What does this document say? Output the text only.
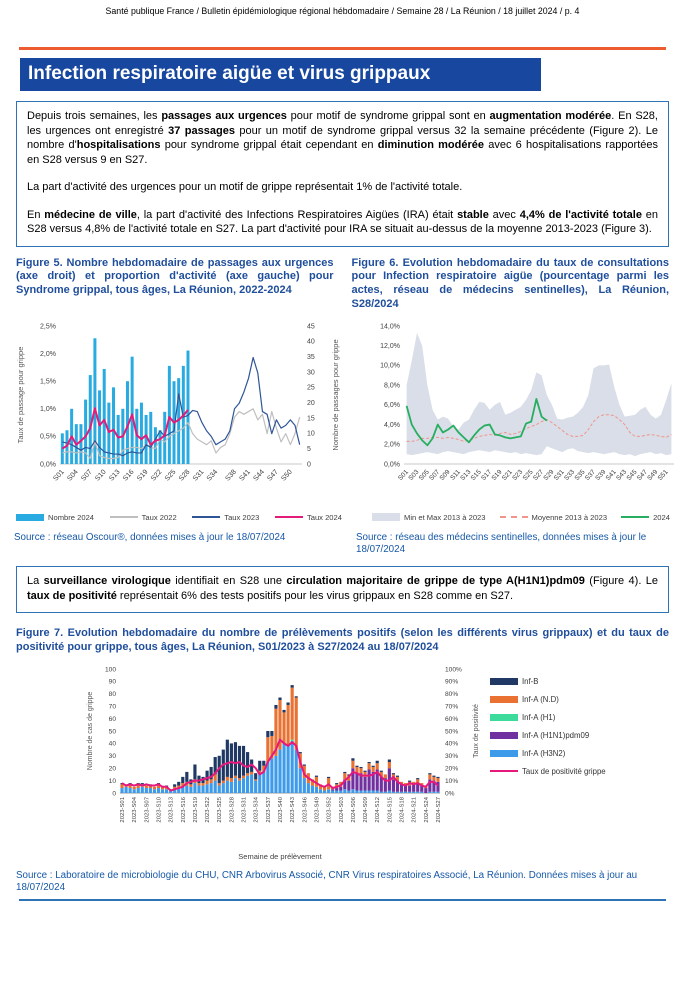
Santé publique France / Bulletin épidémiologique régional hébdomadaire / Semaine 28 / La Réunion / 18 juillet 2024 / p. 4
Infection respiratoire aigüe et virus grippaux

Depuis trois semaines, les passages aux urgences pour motif de syndrome grippal sont en augmentation modérée. En S28, les urgences ont enregistré 37 passages pour un motif de syndrome grippal versus 32 la semaine précédente (Figure 2). Le nombre d'hospitalisations pour syndrome grippal était cependant en diminution modérée avec 6 hospitalisations rapportées en S28 versus 9 en S27.

La part d'activité des urgences pour un motif de grippe représentait 1% de l'activité totale.

En médecine de ville, la part d'activité des Infections Respiratoires Aigües (IRA) était stable avec 4,4% de l'activité totale en S28 versus 4,8% de l'activité totale en S27. La part d'activité pour IRA se situait au-dessus de la moyenne 2013-2023 (Figure 3).

Figure 5. Nombre hebdomadaire de passages aux urgences (axe droit) et proportion d'activité (axe gauche) pour Syndrome grippal, tous âges, La Réunion, 2022-2024
Figure 6. Evolution hebdomadaire du taux de consultations pour Infection respiratoire aigüe (pourcentage parmi les actes, réseau de médecins sentinelles), La Réunion, S28/2024
0,0%
0,5%
1,0%
1,5%
2,0%
2,5%
0
5
10
15
20
25
30
35
40
45
S01 S04 S07 S10 S13 S16 S19 S22 S25 S28 S31 S34 S38 S41 S44 S47 S50
Taux de passage pour grippe	Nombre de passages pour grippe
Nombre 2024	Taux 2022	Taux 2023	Taux 2024
Source : réseau Oscour®, données mises à jour le 18/07/2024
0,0%
2,0%
4,0%
6,0%
8,0%
10,0%
12,0%
14,0%
S01
S03
S05
S07
S09
S11
S13
S15
S17
S19
S21
S23
S25
S27
S29
S31
S33
S35
S37
S39
S41
S43
S45
S47
S49
S51
Min et Max 2013 à 2023	Moyenne 2013 à 2023	2024
Source : réseau des médecins sentinelles, données mises à jour le 18/07/2024

La surveillance virologique identifiait en S28 une circulation majoritaire de grippe de type A(H1N1)pdm09 (Figure 4). Le taux de positivité représentait 6% des tests positifs pour les virus grippaux en S28 comme en S27.

Figure 7. Evolution hebdomadaire du nombre de prélèvements positifs (selon les différents virus grippaux) et du taux de positivité pour grippe, tous âges, La Réunion, S01/2023 à S27/2024 au 18/07/2024
0	0%
10	10%
20	20%
30	30%
40	40%
50	50%
60	60%
70	70%
80	80%
90	90%
100	100%
2023-S01 2023-S04 2023-S07 2023-S10 2023-S13 2023-S16 2023-S19 2023-S22 2023-S25 2023-S28 2023-S31 2023-S34 2023-S37 2023-S40 2023-S43 2023-S46 2023-S49 2023-S52 2024-S03 2024-S06 2024-S09 2024-S12 2024-S15 2024-S18 2024-S21 2024-S24 2024-S27
Nombre de cas de grippe	Taux de positivité
Semaine de prélèvement
Inf-B
Inf-A (N.D)
Inf-A (H1)
Inf-A (H1N1)pdm09
Inf-A (H3N2)
Taux de positivité grippe
Source : Laboratoire de microbiologie du CHU, CNR Arbovirus Associé, CNR Virus respiratoires Associé, La Réunion. Données mises à jour au 18/07/2024
